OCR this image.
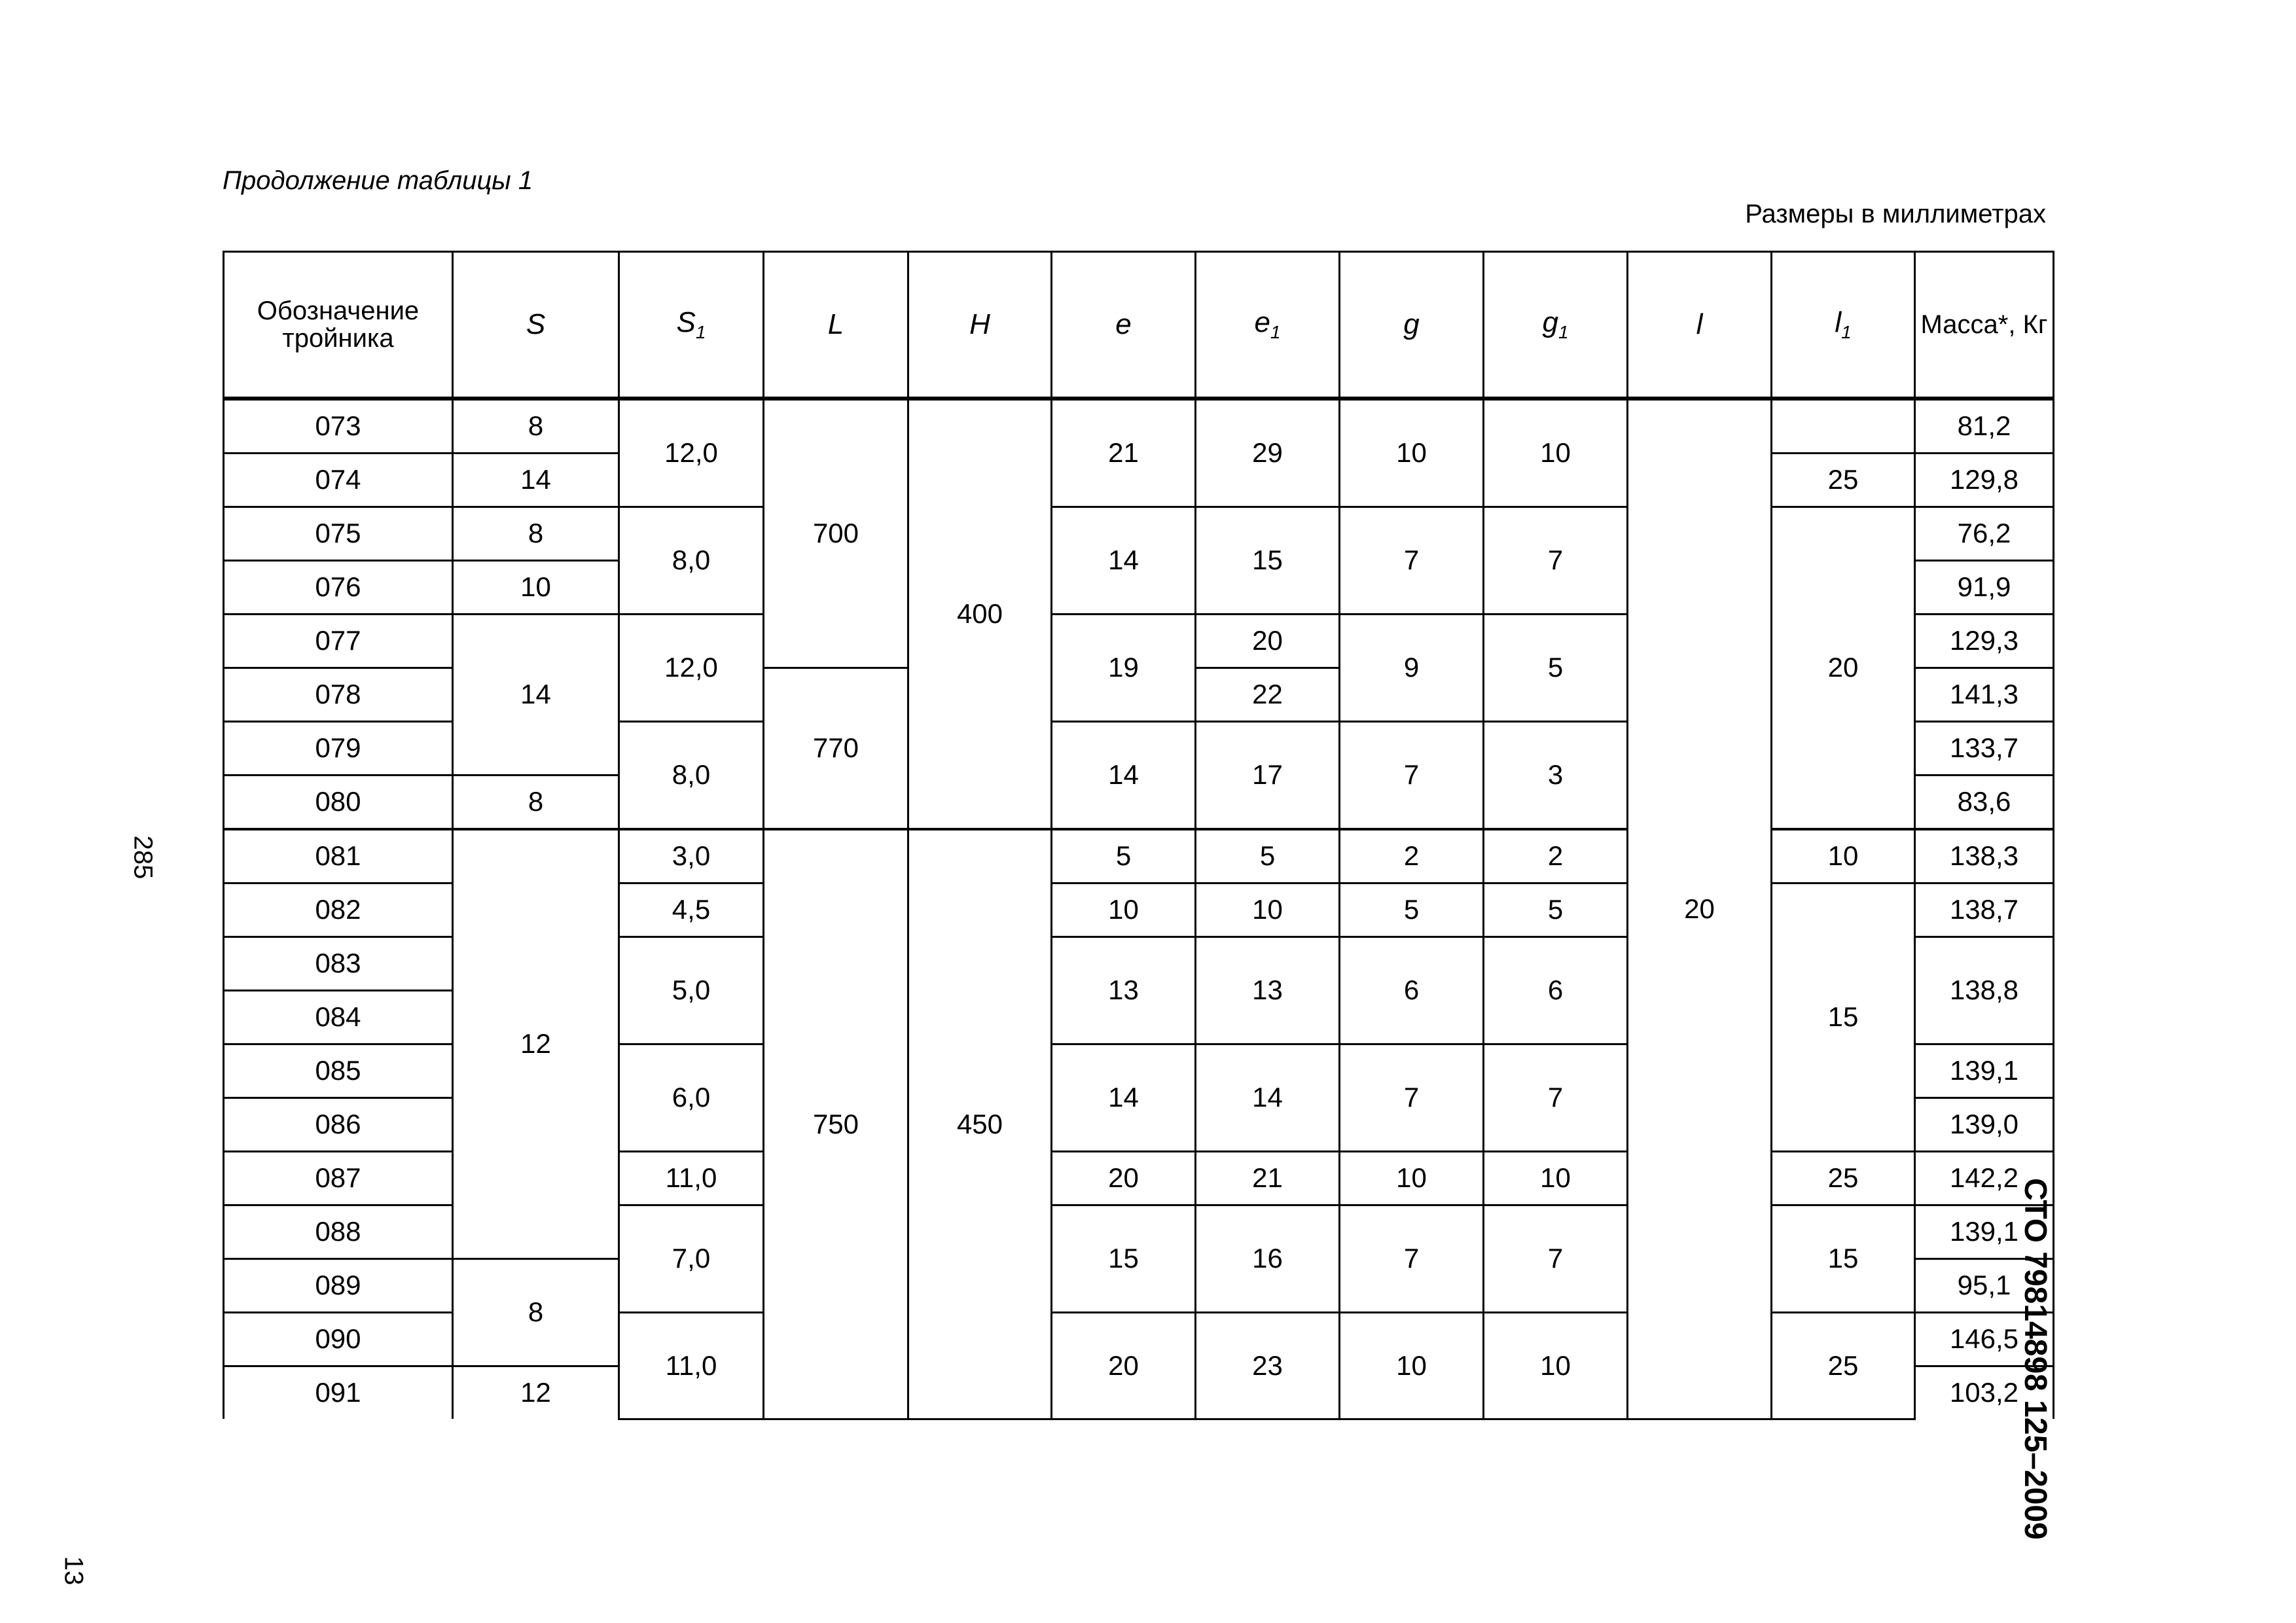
Продолжение таблицы 1
Размеры в миллиметрах
285
13
СТО 79814898 125–2009
Обозначение тройника	S	$S_1$	L	H	e	$e_1$	g	$g_1$	l	$l_1$	Масса*, Кг
073	8	12,0	700	400	21	29	10	10	20		81,2
074	14									25	129,8
075	8	8,0			14	15	7	7		20	76,2
076	10										91,9
077	14	12,0			19	20	9	5			129,3
078			770			22					141,3
079		8,0			14	17	7	3			133,7
080	8										83,6
081	12	3,0	750	450	5	5	2	2		10	138,3
082		4,5			10	10	5	5		15	138,7
083		5,0			13	13	6	6			138,8
084											
085		6,0			14	14	7	7			139,1
086											139,0
087		11,0			20	21	10	10		25	142,2
088		7,0			15	16	7	7		15	139,1
089	8										95,1
090		11,0			20	23	10	10		25	146,5
091	12										103,2
